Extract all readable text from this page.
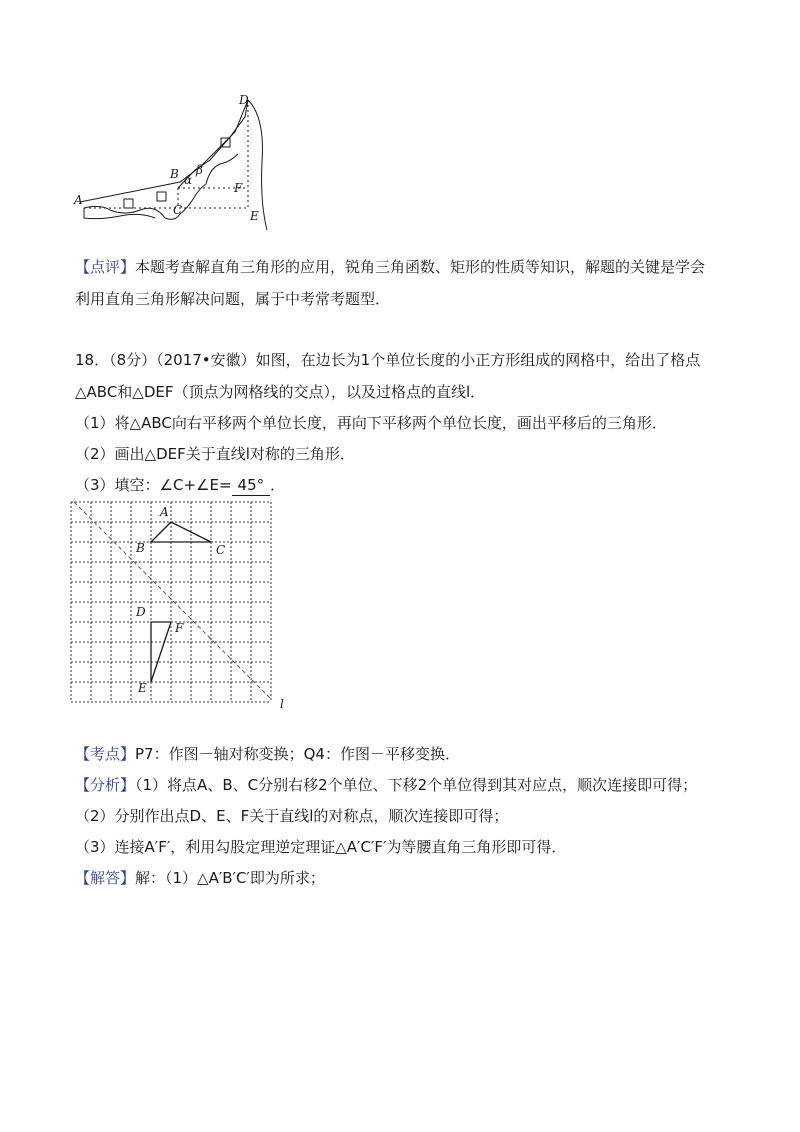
A
B
C
D
E
F
α
β
【点评】本题考查解直角三角形的应用，锐角三角函数、矩形的性质等知识，解题的关键是学会
利用直角三角形解决问题，属于中考常考题型．
18．（8分）（2017•安徽）如图，在边长为1个单位长度的小正方形组成的网格中，给出了格点
△ABC和△DEF（顶点为网格线的交点），以及过格点的直线l．
（1）将△ABC向右平移两个单位长度，再向下平移两个单位长度，画出平移后的三角形．
（2）画出△DEF关于直线l对称的三角形．
（3）填空：∠C+∠E= 45° ．
A
B	C
D
E
F
l
【考点】P7：作图－轴对称变换；Q4：作图－平移变换．
【分析】（1）将点A、B、C分别右移2个单位、下移2个单位得到其对应点，顺次连接即可得；
（2）分别作出点D、E、F关于直线l的对称点，顺次连接即可得；
（3）连接A′F′，利用勾股定理逆定理证△A′C′F′为等腰直角三角形即可得．
【解答】解：（1）△A′B′C′即为所求；
